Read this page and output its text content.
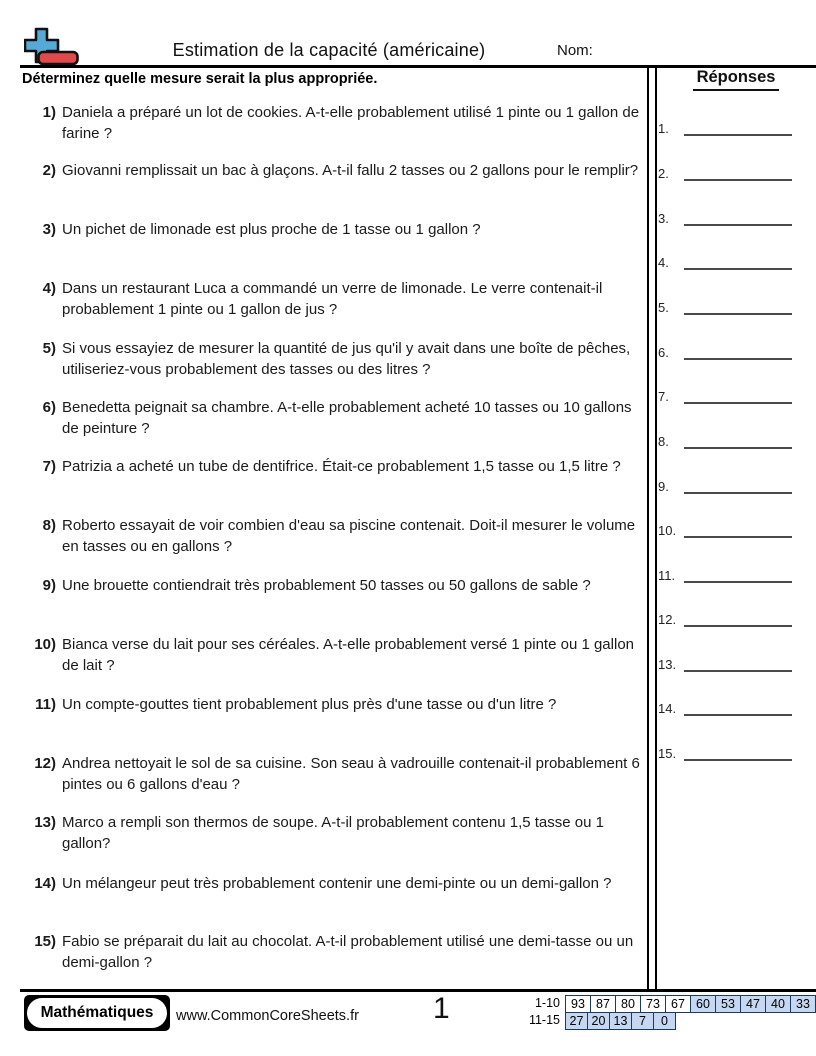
Estimation de la capacité (américaine)	Nom:
Déterminez quelle mesure serait la plus appropriée.
1) Daniela a préparé un lot de cookies. A-t-elle probablement utilisé 1 pinte ou 1 gallon de farine ?
2) Giovanni remplissait un bac à glaçons. A-t-il fallu 2 tasses ou 2 gallons pour le remplir?
3) Un pichet de limonade est plus proche de 1 tasse ou 1 gallon ?
4) Dans un restaurant Luca a commandé un verre de limonade. Le verre contenait-il probablement 1 pinte ou 1 gallon de jus ?
5) Si vous essayiez de mesurer la quantité de jus qu'il y avait dans une boîte de pêches, utiliseriez-vous probablement des tasses ou des litres ?
6) Benedetta peignait sa chambre. A-t-elle probablement acheté 10 tasses ou 10 gallons de peinture ?
7) Patrizia a acheté un tube de dentifrice. Était-ce probablement 1,5 tasse ou 1,5 litre ?
8) Roberto essayait de voir combien d'eau sa piscine contenait. Doit-il mesurer le volume en tasses ou en gallons ?
9) Une brouette contiendrait très probablement 50 tasses ou 50 gallons de sable ?
10) Bianca verse du lait pour ses céréales. A-t-elle probablement versé 1 pinte ou 1 gallon de lait ?
11) Un compte-gouttes tient probablement plus près d'une tasse ou d'un litre ?
12) Andrea nettoyait le sol de sa cuisine. Son seau à vadrouille contenait-il probablement 6 pintes ou 6 gallons d'eau ?
13) Marco a rempli son thermos de soupe. A-t-il probablement contenu 1,5 tasse ou 1 gallon?
14) Un mélangeur peut très probablement contenir une demi-pinte ou un demi-gallon ?
15) Fabio se préparait du lait au chocolat. A-t-il probablement utilisé une demi-tasse ou un demi-gallon ?
Réponses
1.
2.
3.
4.
5.
6.
7.
8.
9.
10.
11.
12.
13.
14.
15.
Mathématiques	www.CommonCoreSheets.fr 1	1-10 93 87 80 73 67 60 53 47 40 33
11-15 27 20 13 7	0
